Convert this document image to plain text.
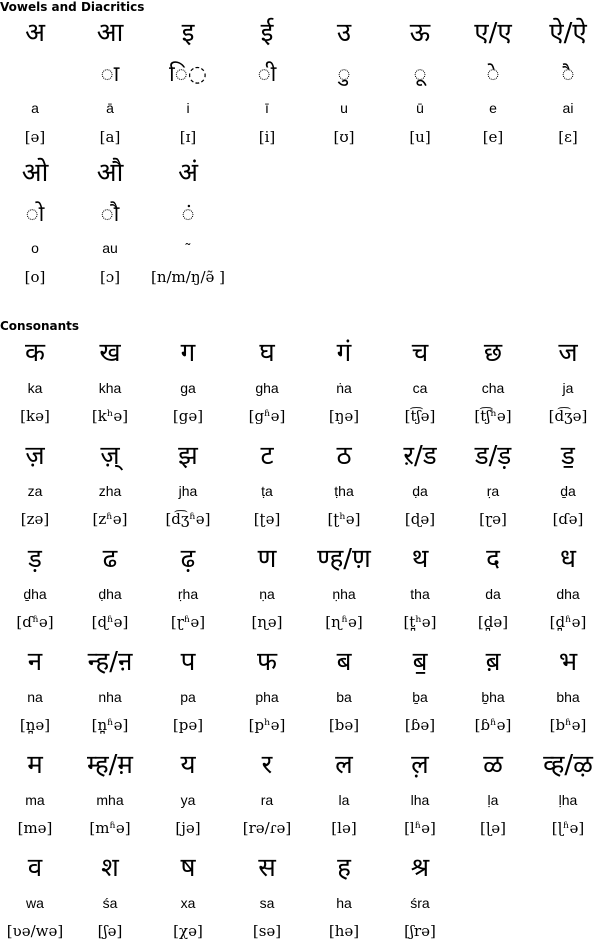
Vowels and Diacritics
अ
a
[ə]
आ
◌ा
ā
[a]
इ
ि◌
i
[ɪ]
ई
◌ी
ī
[i]
उ
◌ु
u
[ʊ]
ऊ
◌ू
ū
[u]
ए/ए
◌े
e
[e]
ऐ/ऐ
◌ै
ai
[ɛ]
ओ
◌ो
o
[o]
औ
◌ौ
au
[ɔ]
अं
◌ं
˜
[n/m/ŋ/ə̃ ]
Consonants
क
ka
[kə]
ख
kha
[kʰə]
ग
ga
[gə]
घ
gha
[gʱə]
गं
ṅa
[ŋə]
च
ca
[t͡ʃə]
छ
cha
[t͡ʃʰə]
ज
ja
[d͡ʒə]
ज़
za
[zə]
ज़्
zha
[zʱə]
झ
jha
[d͡ʒʱə]
ट
ṭa
[ʈə]
ठ
ṭha
[ʈʰə]
ऱ/ड
ḍa
[ɖə]
ड/ड़
ṛa
[ɽə]
ड॒
ḏa
[ɗə]
ड़
ḏha
[ɗʱə]
ढ
ḍha
[ɖʱə]
ढ़
ṛha
[ɽʱə]
ण
ṇa
[ɳə]
ण्ह/ण़
ṇha
[ɳʱə]
थ
tha
[t̪ʰə]
द
da
[d̪ə]
ध
dha
[d̪ʱə]
न
na
[n̪ə]
न्ह/ऩ
nha
[n̪ʱə]
प
pa
[pə]
फ
pha
[pʰə]
ब
ba
[bə]
ब॒
ḇa
[ɓə]
ब़
ḇha
[ɓʱə]
भ
bha
[bʱə]
म
ma
[mə]
म्ह/म़
mha
[mʱə]
य
ya
[jə]
र
ra
[rə/ɾə]
ल
la
[lə]
ल़
lha
[lʱə]
ळ
ḷa
[ɭə]
व्ह/ऴ
ḷha
[ɭʱə]
व
wa
[ʋə/wə]
श
śa
[ʃə]
ष
xa
[χə]
स
sa
[sə]
ह
ha
[hə]
श्र
śra
[ʃrə]
